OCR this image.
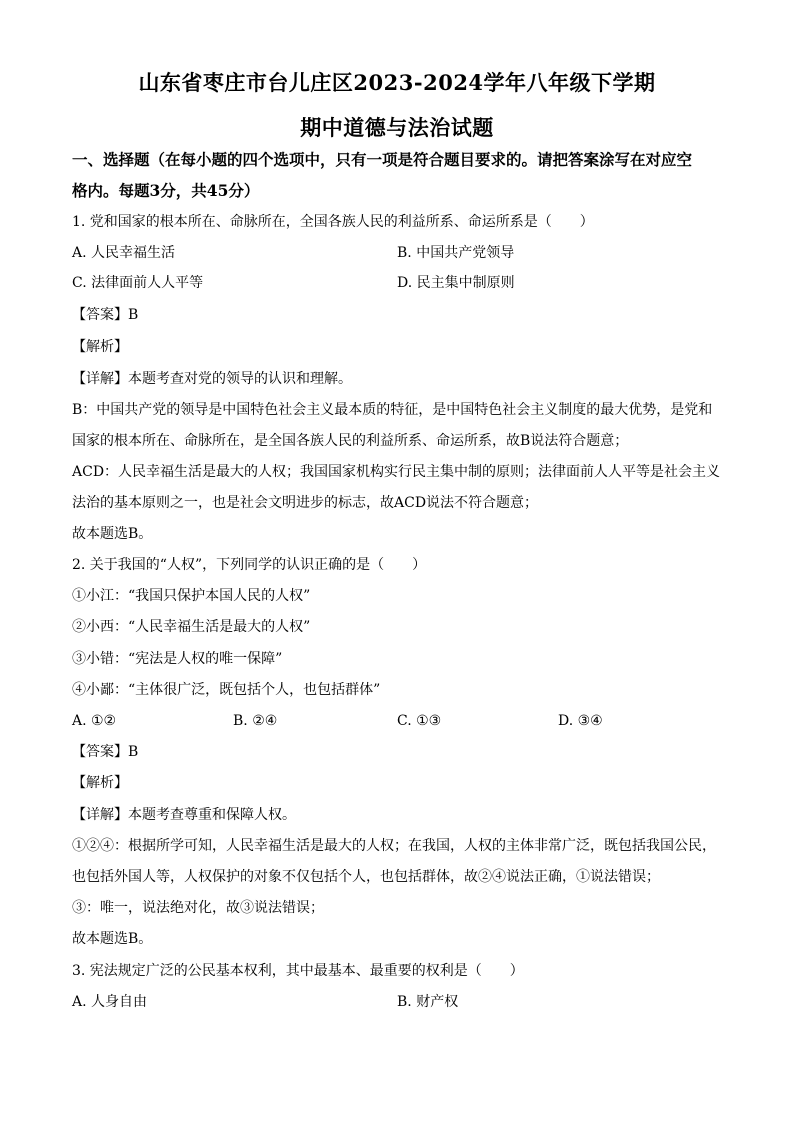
山东省枣庄市台儿庄区2023-2024学年八年级下学期
期中道德与法治试题
一、选择题（在每小题的四个选项中，只有一项是符合题目要求的。请把答案涂写在对应空
格内。每题3分，共45分）
1. 党和国家的根本所在、命脉所在，全国各族人民的利益所系、命运所系是（　　）
A. 人民幸福生活	B. 中国共产党领导
C. 法律面前人人平等	D. 民主集中制原则
【答案】B
【解析】
【详解】本题考查对党的领导的认识和理解。
B：中国共产党的领导是中国特色社会主义最本质的特征，是中国特色社会主义制度的最大优势，是党和
国家的根本所在、命脉所在，是全国各族人民的利益所系、命运所系，故B说法符合题意；
ACD：人民幸福生活是最大的人权；我国国家机构实行民主集中制的原则；法律面前人人平等是社会主义
法治的基本原则之一，也是社会文明进步的标志，故ACD说法不符合题意；
故本题选B。
2. 关于我国的“人权”，下列同学的认识正确的是（　　）
①小江：“我国只保护本国人民的人权”
②小西：“人民幸福生活是最大的人权”
③小错：“宪法是人权的唯一保障”
④小鄙：“主体很广泛，既包括个人，也包括群体”
A. ①②	B. ②④	C. ①③	D. ③④
【答案】B
【解析】
【详解】本题考查尊重和保障人权。
①②④：根据所学可知，人民幸福生活是最大的人权；在我国，人权的主体非常广泛，既包括我国公民，
也包括外国人等，人权保护的对象不仅包括个人，也包括群体，故②④说法正确，①说法错误；
③：唯一，说法绝对化，故③说法错误；
故本题选B。
3. 宪法规定广泛的公民基本权利，其中最基本、最重要的权利是（　　）
A. 人身自由	B. 财产权
